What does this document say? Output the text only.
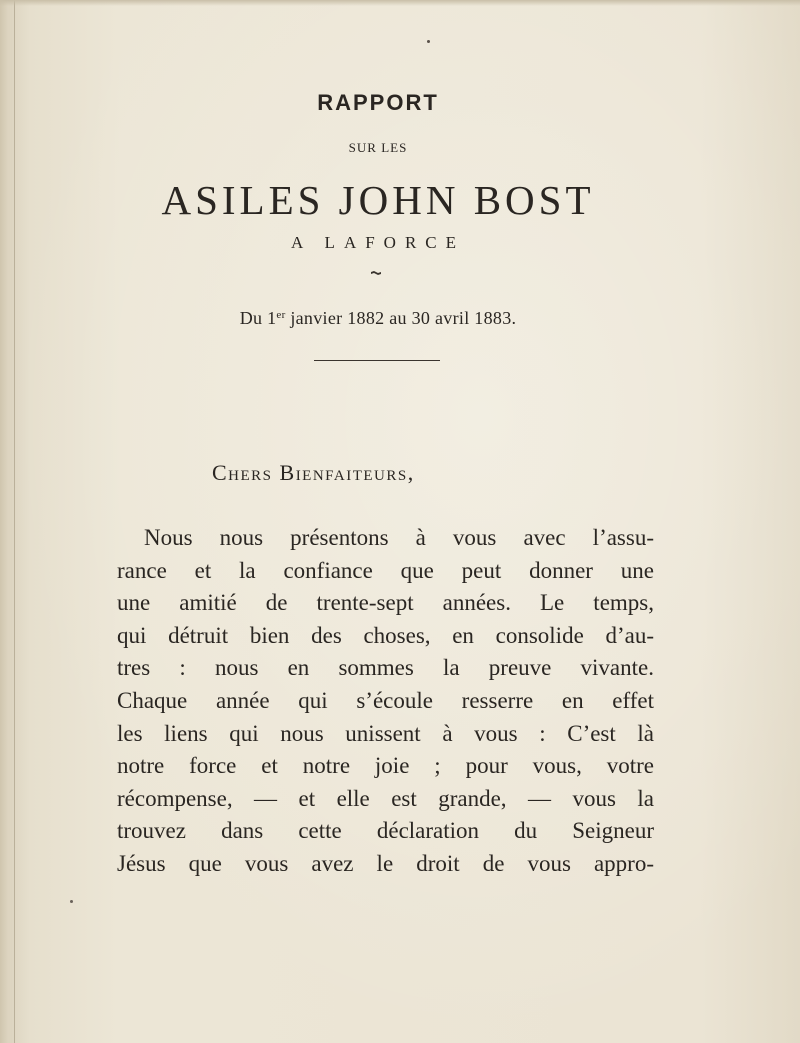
RAPPORT
SUR LES
ASILES JOHN BOST
A LAFORCE
Du 1er janvier 1882 au 30 avril 1883.
Chers Bienfaiteurs,
Nous nous présentons à vous avec l’assu-
rance et la confiance que peut donner une
une amitié de trente-sept années. Le temps,
qui détruit bien des choses, en consolide d’au-
tres : nous en sommes la preuve vivante.
Chaque année qui s’écoule resserre en effet
les liens qui nous unissent à vous : C’est là
notre force et notre joie ; pour vous, votre
récompense, — et elle est grande, — vous la
trouvez dans cette déclaration du Seigneur
Jésus que vous avez le droit de vous appro-
